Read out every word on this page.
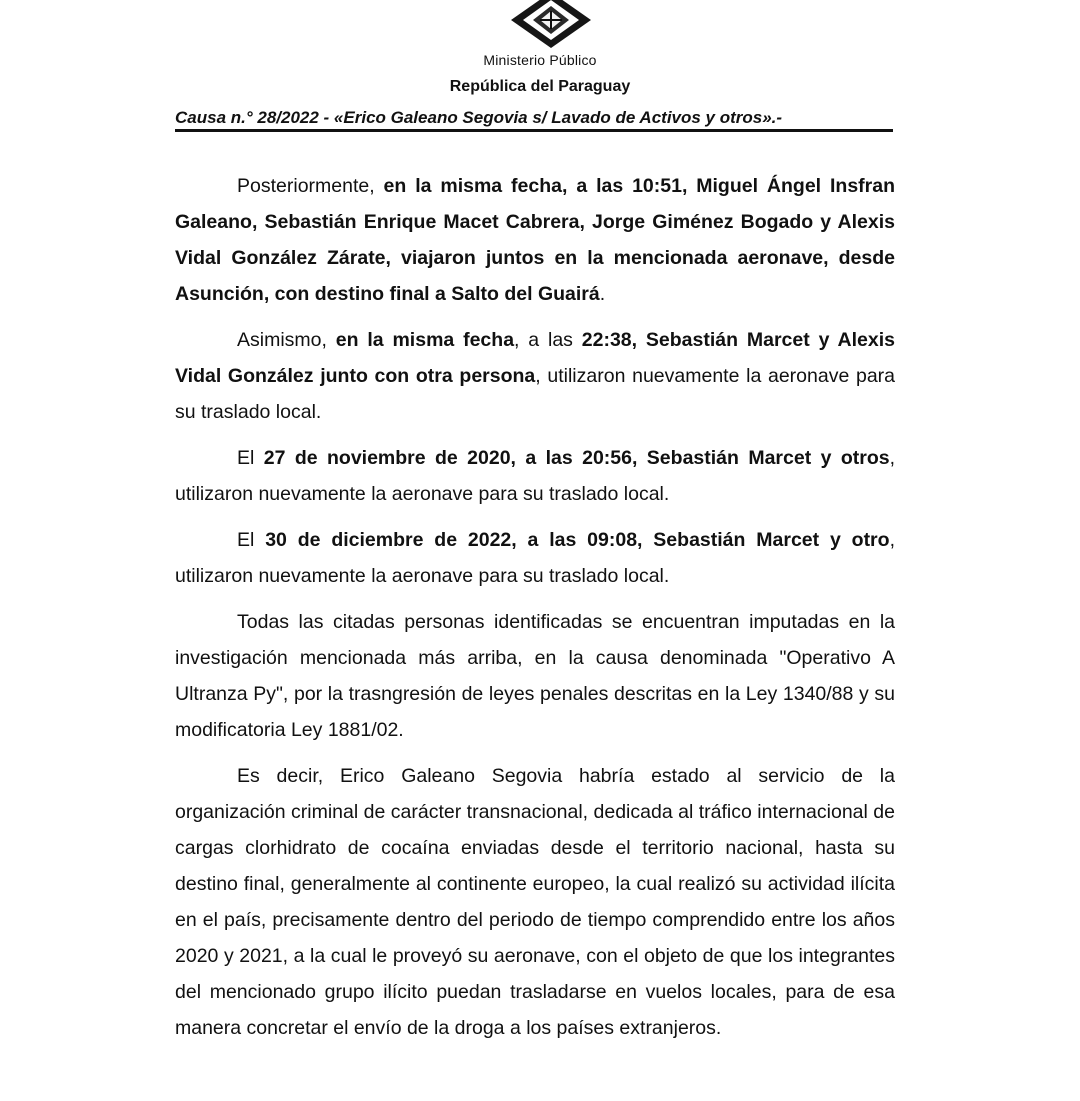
Ministerio Público
República del Paraguay
Causa n.° 28/2022 - «Erico Galeano Segovia s/ Lavado de Activos y otros».-

Posteriormente, en la misma fecha, a las 10:51, Miguel Ángel Insfran Galeano, Sebastián Enrique Macet Cabrera, Jorge Giménez Bogado y Alexis Vidal González Zárate, viajaron juntos en la mencionada aeronave, desde Asunción, con destino final a Salto del Guairá.

Asimismo, en la misma fecha, a las 22:38, Sebastián Marcet y Alexis Vidal González junto con otra persona, utilizaron nuevamente la aeronave para su traslado local.

El 27 de noviembre de 2020, a las 20:56, Sebastián Marcet y otros, utilizaron nuevamente la aeronave para su traslado local.

El 30 de diciembre de 2022, a las 09:08, Sebastián Marcet y otro, utilizaron nuevamente la aeronave para su traslado local.

Todas las citadas personas identificadas se encuentran imputadas en la investigación mencionada más arriba, en la causa denominada "Operativo A Ultranza Py", por la trasngresión de leyes penales descritas en la Ley 1340/88 y su modificatoria Ley 1881/02.

Es decir, Erico Galeano Segovia habría estado al servicio de la organización criminal de carácter transnacional, dedicada al tráfico internacional de cargas clorhidrato de cocaína enviadas desde el territorio nacional, hasta su destino final, generalmente al continente europeo, la cual realizó su actividad ilícita en el país, precisamente dentro del periodo de tiempo comprendido entre los años 2020 y 2021, a la cual le proveyó su aeronave, con el objeto de que los integrantes del mencionado grupo ilícito puedan trasladarse en vuelos locales, para de esa manera concretar el envío de la droga a los países extranjeros.
